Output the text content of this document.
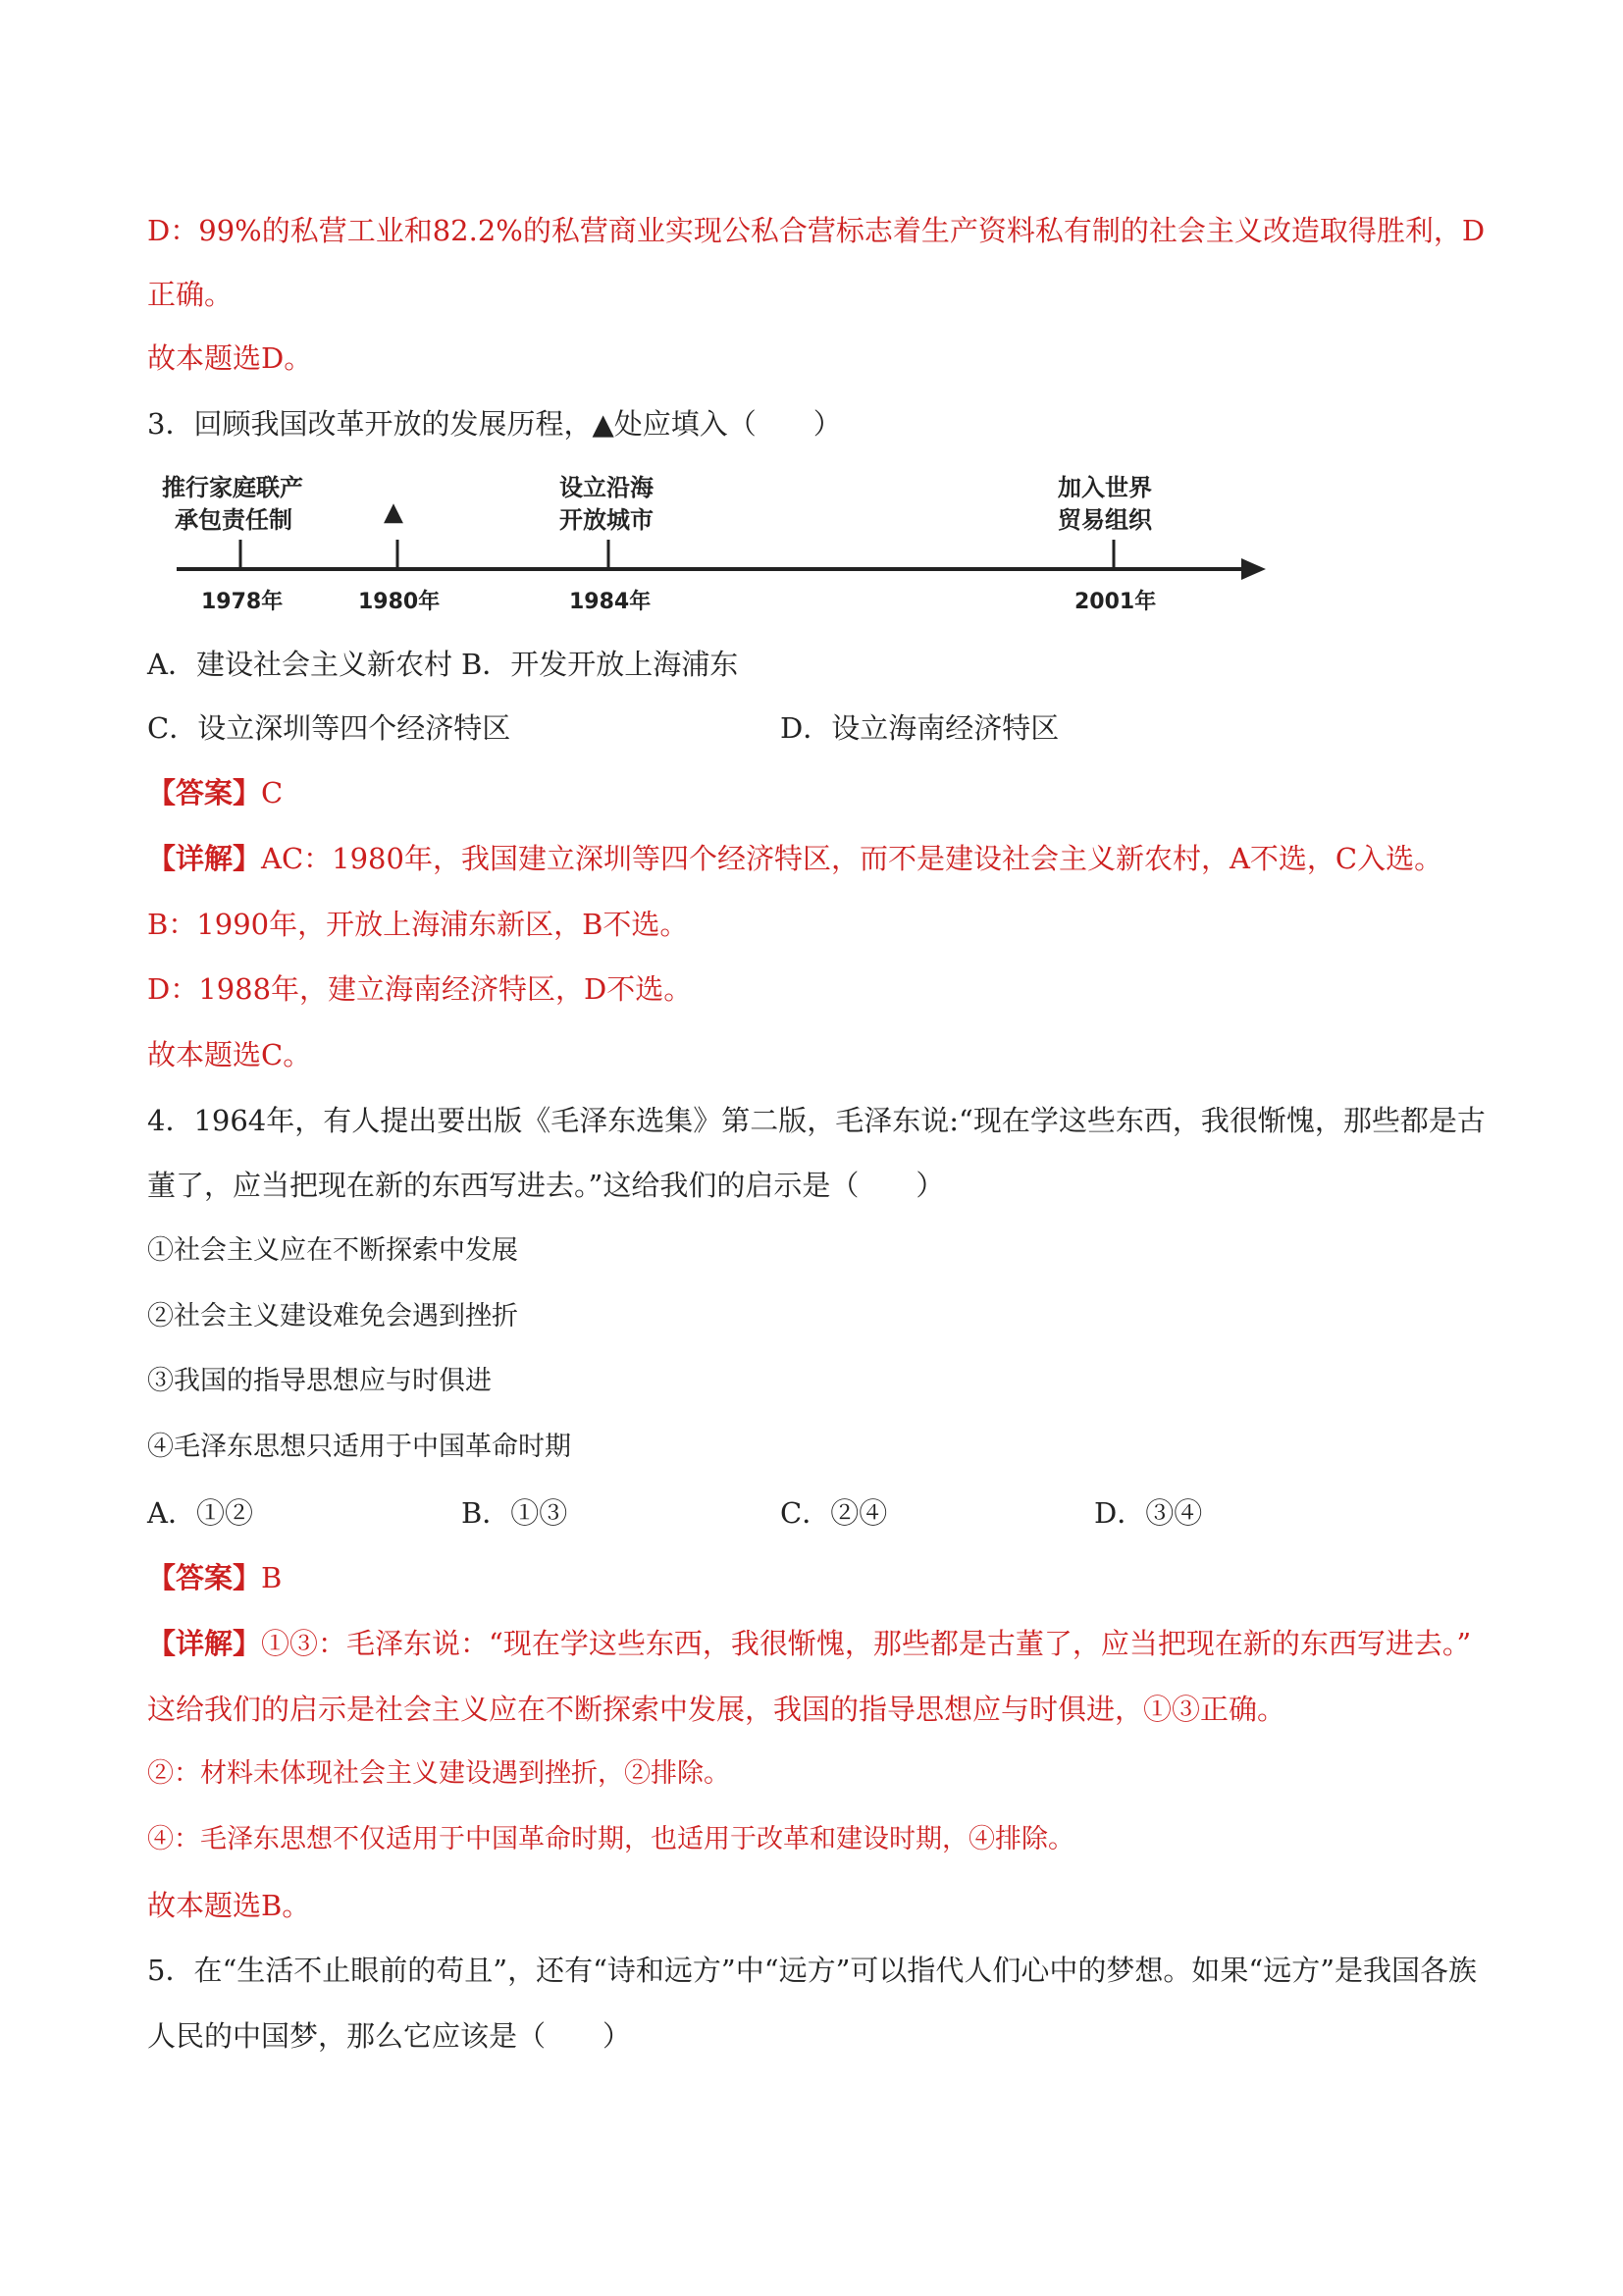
D：99%的私营工业和82.2%的私营商业实现公私合营标志着生产资料私有制的社会主义改造取得胜利，D
正确。
故本题选D。
3．回顾我国改革开放的发展历程，▲处应填入（　　）
推行家庭联产
承包责任制	▲
设立沿海
开放城市
加入世界
贸易组织
1978年	1980年	1984年	2001年
A．建设社会主义新农村 B．开发开放上海浦东
C．设立深圳等四个经济特区	D．设立海南经济特区
【答案】C
【详解】AC：1980年，我国建立深圳等四个经济特区，而不是建设社会主义新农村，A不选，C入选。
B：1990年，开放上海浦东新区，B不选。
D：1988年，建立海南经济特区，D不选。
故本题选C。
4．1964年，有人提出要出版《毛泽东选集》第二版，毛泽东说:“现在学这些东西，我很惭愧，那些都是古
董了，应当把现在新的东西写进去。”这给我们的启示是（　　）
①社会主义应在不断探索中发展
②社会主义建设难免会遇到挫折
③我国的指导思想应与时俱进
④毛泽东思想只适用于中国革命时期
A．①②	B．①③	C．②④	D．③④
【答案】B
【详解】①③：毛泽东说：“现在学这些东西，我很惭愧，那些都是古董了，应当把现在新的东西写进去。”
这给我们的启示是社会主义应在不断探索中发展，我国的指导思想应与时俱进，①③正确。
②：材料未体现社会主义建设遇到挫折，②排除。
④：毛泽东思想不仅适用于中国革命时期，也适用于改革和建设时期，④排除。
故本题选B。
5．在“生活不止眼前的苟且”，还有“诗和远方”中“远方”可以指代人们心中的梦想。如果“远方”是我国各族
人民的中国梦，那么它应该是（　　）
